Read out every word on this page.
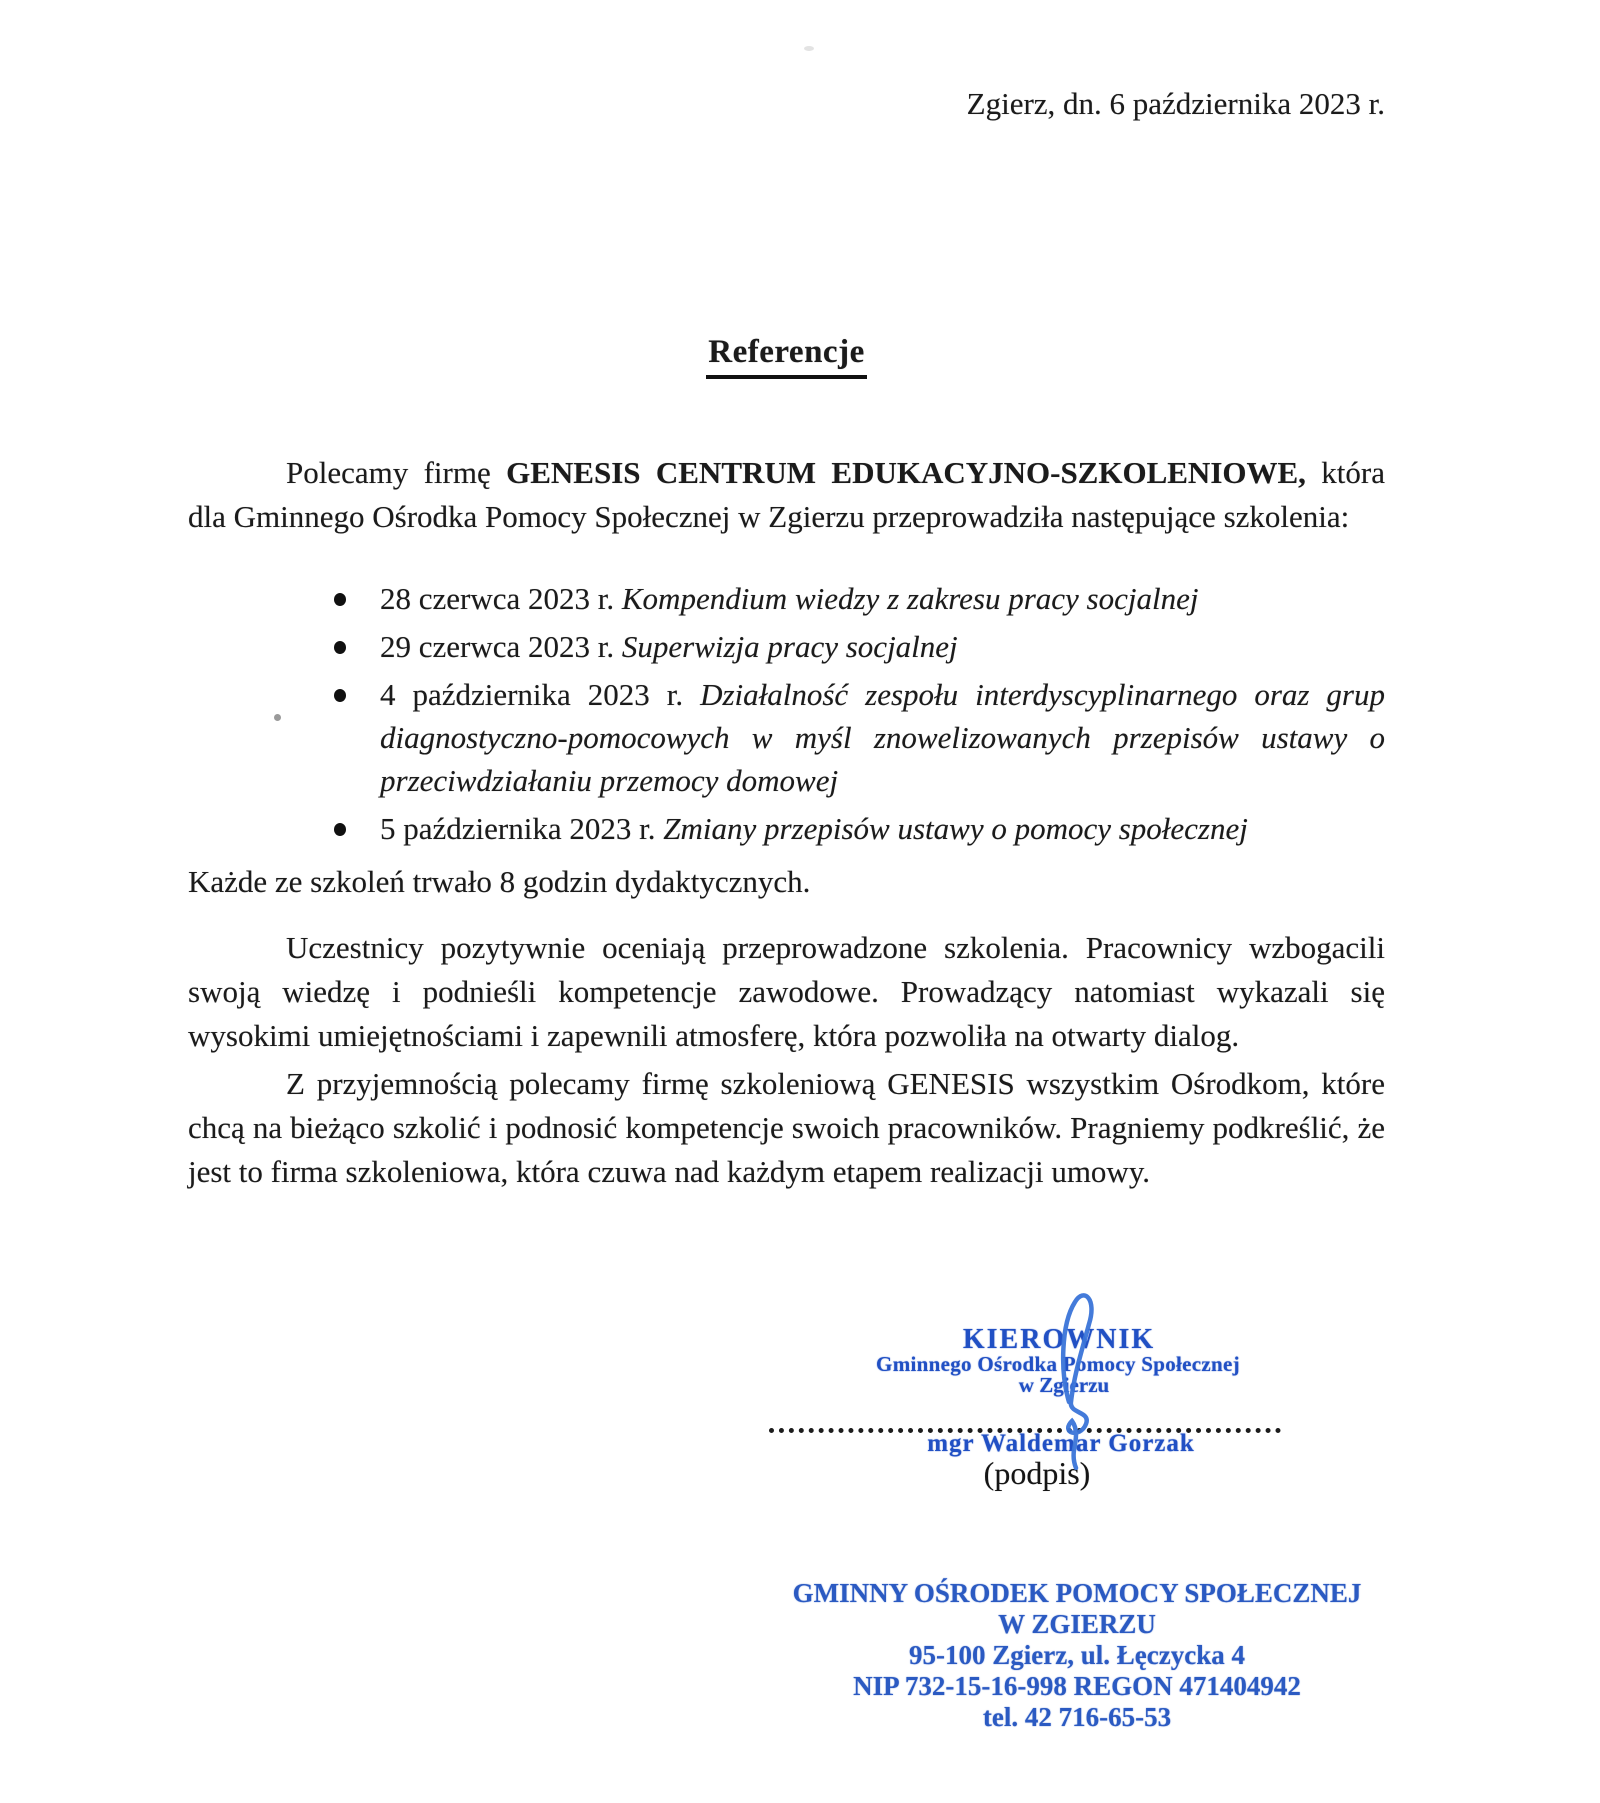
Zgierz, dn. 6 października 2023 r.
Referencje

Polecamy firmę GENESIS CENTRUM EDUKACYJNO-SZKOLENIOWE, która dla Gminnego Ośrodka Pomocy Społecznej w Zgierzu przeprowadziła następujące szkolenia:

28 czerwca 2023 r. Kompendium wiedzy z zakresu pracy socjalnej
29 czerwca 2023 r. Superwizja pracy socjalnej
4 października 2023 r. Działalność zespołu interdyscyplinarnego oraz grup diagnostyczno-pomocowych w myśl znowelizowanych przepisów ustawy o przeciwdziałaniu przemocy domowej
5 października 2023 r. Zmiany przepisów ustawy o pomocy społecznej

Każde ze szkoleń trwało 8 godzin dydaktycznych.

Uczestnicy pozytywnie oceniają przeprowadzone szkolenia. Pracownicy wzbogacili swoją wiedzę i podnieśli kompetencje zawodowe. Prowadzący natomiast wykazali się wysokimi umiejętnościami i zapewnili atmosferę, która pozwoliła na otwarty dialog.

Z przyjemnością polecamy firmę szkoleniową GENESIS wszystkim Ośrodkom, które chcą na bieżąco szkolić i podnosić kompetencje swoich pracowników. Pragniemy podkreślić, że jest to firma szkoleniowa, która czuwa nad każdym etapem realizacji umowy.

KIEROWNIK
Gminnego Ośrodka Pomocy Społecznej
w Zgierzu
mgr Waldemar Gorzak
(podpis)
GMINNY OŚRODEK POMOCY SPOŁECZNEJ
W ZGIERZU
95-100 Zgierz, ul. Łęczycka 4
NIP 732-15-16-998 REGON 471404942
tel. 42 716-65-53
